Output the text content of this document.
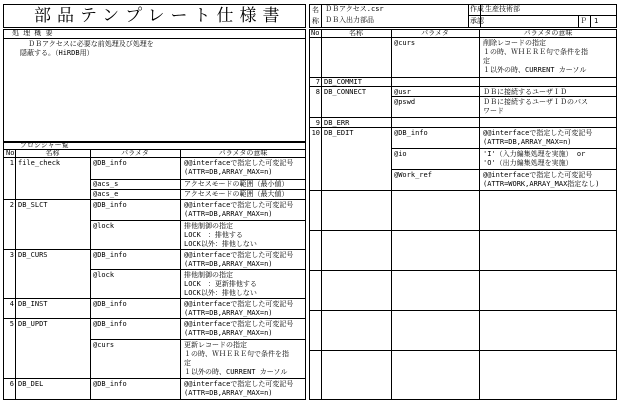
部品テンプレート仕様書	名 称
ＤＢアクセス.csr
ＤＢ入出力部品
作成 生産技術部
承認	Ｐ	1
処 理 概 要
ＤＢアクセスに必要な前処理及び処理を
隠蔽する。（HiRDB用）
プロシジャー覧
No	名称	パラメタ	パラメタの意味
1 file_check	@DB_info	@@interfaceで指定した可変記号
(ATTR=DB,ARRAY_MAX=n)
@acs_s	アクセスモードの範囲（最小値）
@acs_e	アクセスモードの範囲（最大値）
2 DB_SLCT	@DB_info	@@interfaceで指定した可変記号
(ATTR=DB,ARRAY_MAX=n)
@lock	排他制御の指定
LOCK　：排他する
LOCK以外：排他しない
3 DB_CURS	@DB_info	@@interfaceで指定した可変記号
(ATTR=DB,ARRAY_MAX=n)
@lock	排他制御の指定
LOCK　：更新排他する
LOCK以外：排他しない
4 DB_INST	@DB_info	@@interfaceで指定した可変記号
(ATTR=DB,ARRAY_MAX=n)
5 DB_UPDT	@DB_info	@@interfaceで指定した可変記号
(ATTR=DB,ARRAY_MAX=n)
@curs	更新レコードの指定
１の時、ＷＨＥＲＥ句で条件を指
定
１以外の時、CURRENT カーソル
6 DB_DEL	@DB_info	@@interfaceで指定した可変記号
(ATTR=DB,ARRAY_MAX=n)
No	名称	パラメタ	パラメタの意味
@curs	削除レコードの指定
１の時、ＷＨＥＲＥ句で条件を指
定
１以外の時、CURRENT カーソル
7 DB_COMMIT
8 DB_CONNECT	@usr	ＤＢに接続するユーザＩＤ
@pswd	ＤＢに接続するユーザＩＤのパス
ワード
9 DB_ERR
10 DB_EDIT	@DB_info	@@interfaceで指定した可変記号
(ATTR=DB,ARRAY_MAX=n)
@io	'I'（入力編集処理を実施） or
'O'（出力編集処理を実施）
@Work_ref	@@interfaceで指定した可変記号
(ATTR=WORK,ARRAY_MAX指定なし)
